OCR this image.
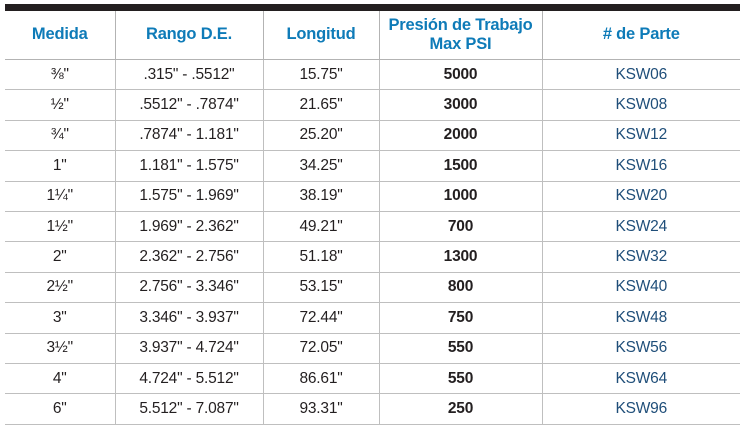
Medida	Rango D.E.	Longitud	Presión de Trabajo Max PSI	# de Parte
⅜"	.315" - .5512"	15.75"	5000	KSW06
½"	.5512" - .7874"	21.65"	3000	KSW08
¾"	.7874" - 1.181"	25.20"	2000	KSW12
1"	1.181" - 1.575"	34.25"	1500	KSW16
1¼"	1.575" - 1.969"	38.19"	1000	KSW20
1½"	1.969" - 2.362"	49.21"	700	KSW24
2"	2.362" - 2.756"	51.18"	1300	KSW32
2½"	2.756" - 3.346"	53.15"	800	KSW40
3"	3.346" - 3.937"	72.44"	750	KSW48
3½"	3.937" - 4.724"	72.05"	550	KSW56
4"	4.724" - 5.512"	86.61"	550	KSW64
6"	5.512" - 7.087"	93.31"	250	KSW96
